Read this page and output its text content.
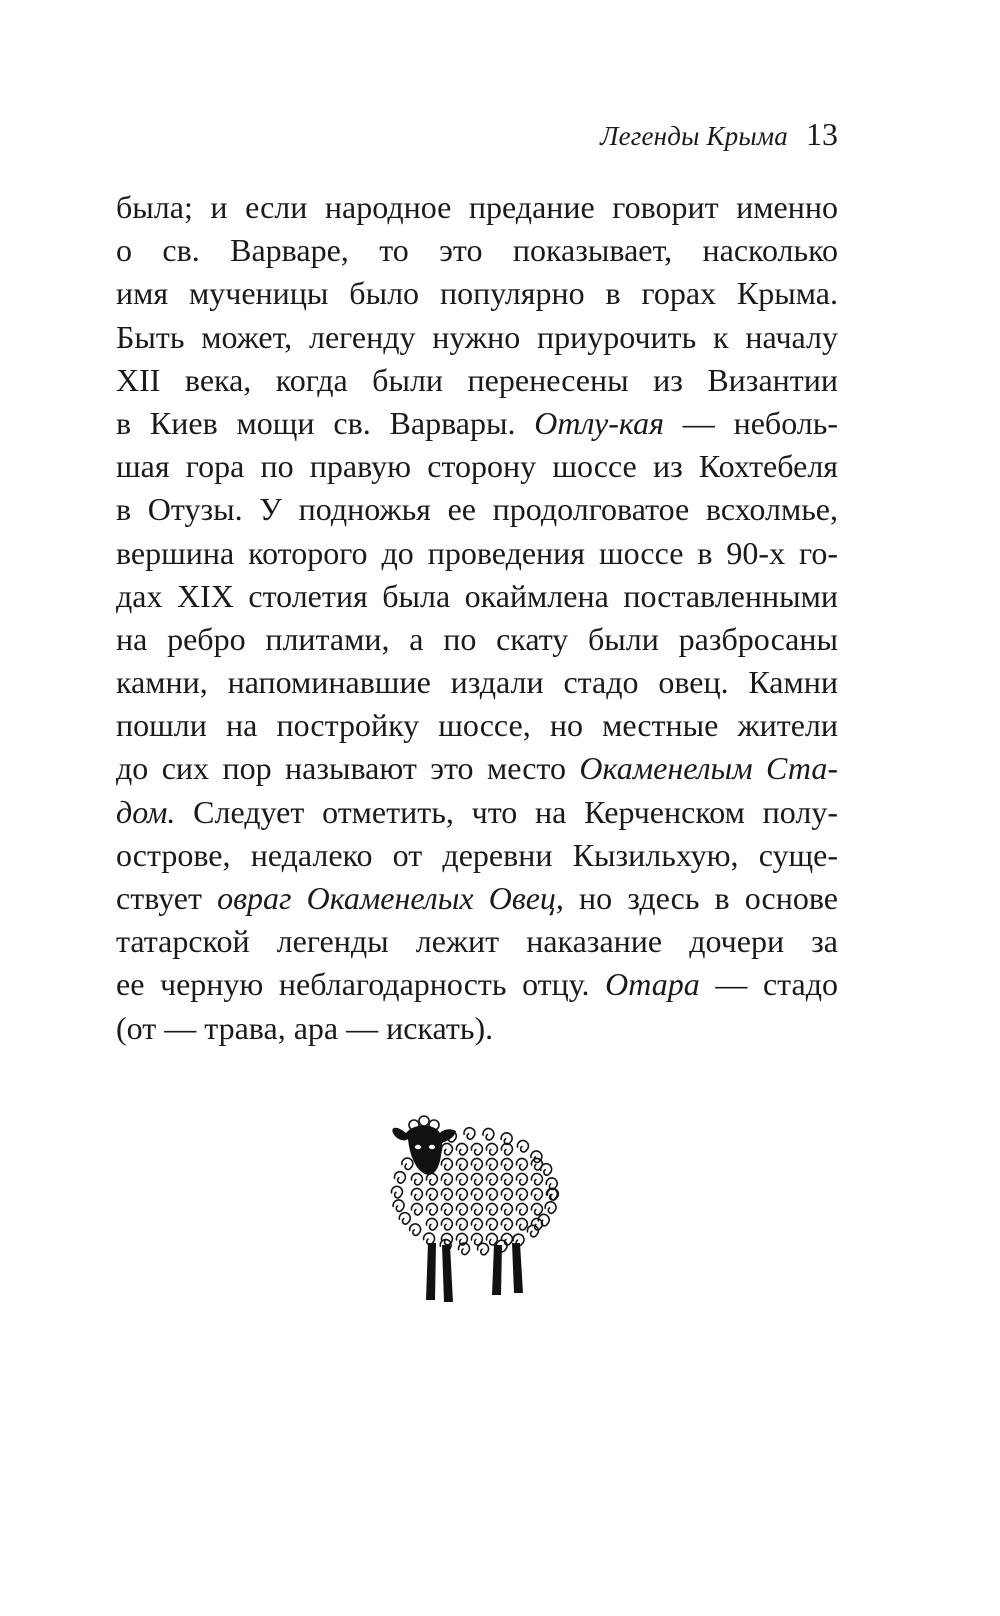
Легенды Крыма 13
была; и если народное предание говорит именно
о св. Варваре, то это показывает, насколько
имя мученицы было популярно в горах Крыма.
Быть может, легенду нужно приурочить к началу
XII века, когда были перенесены из Византии
в Киев мощи св. Варвары. Отлу-кая — неболь-
шая гора по правую сторону шоссе из Кохтебеля
в Отузы. У подножья ее продолговатое всхолмье,
вершина которого до проведения шоссе в 90-х го-
дах XIX столетия была окаймлена поставленными
на ребро плитами, а по скату были разбросаны
камни, напоминавшие издали стадо овец. Камни
пошли на постройку шоссе, но местные жители
до сих пор называют это место Окаменелым Ста-
дом. Следует отметить, что на Керченском полу-
острове, недалеко от деревни Кызильхую, суще-
ствует овраг Окаменелых Овец, но здесь в основе
татарской легенды лежит наказание дочери за
ее черную неблагодарность отцу. Отара — стадо
(от — трава, ара — искать).
